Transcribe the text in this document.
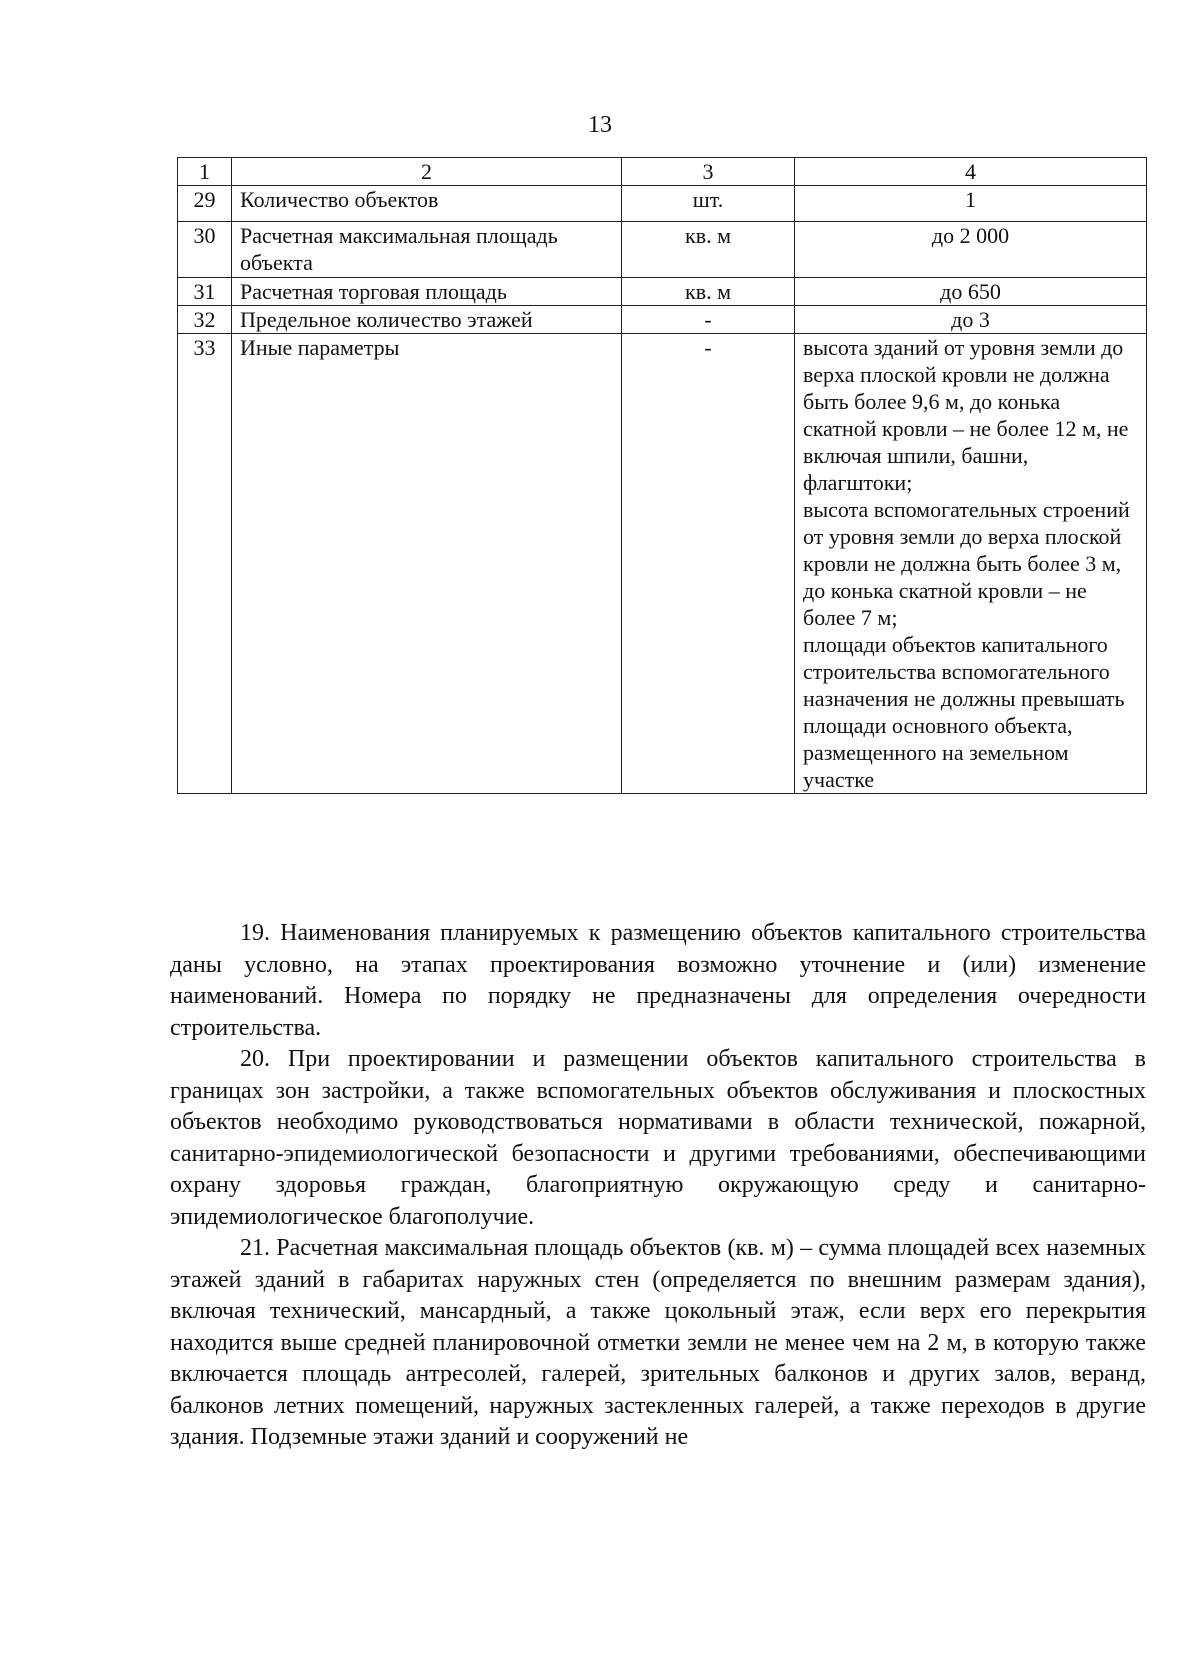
13
1	2	3	4
29	Количество объектов	шт.	1
30	Расчетная максимальная площадь объекта	кв. м	до 2 000
31	Расчетная торговая площадь	кв. м	до 650
32	Предельное количество этажей	-	до 3
33	Иные параметры	-	высота зданий от уровня земли до верха плоской кровли не должна быть более 9,6 м, до конька скатной кровли – не более 12 м, не включая шпили, башни, флагштоки;
высота вспомогательных строений от уровня земли до верха плоской кровли не должна быть более 3 м, до конька скатной кровли – не более 7 м;
площади объектов капитального строительства вспомогательного назначения не должны превышать площади основного объекта, размещенного на земельном участке

19. Наименования планируемых к размещению объектов капитального строительства даны условно, на этапах проектирования возможно уточнение и (или) изменение наименований. Номера по порядку не предназначены для определения очередности строительства.

20. При проектировании и размещении объектов капитального строительства в границах зон застройки, а также вспомогательных объектов обслуживания и плоскостных объектов необходимо руководствоваться нормативами в области технической, пожарной, санитарно-эпидемиологической безопасности и другими требованиями, обеспечивающими охрану здоровья граждан, благоприятную окружающую среду и санитарно-эпидемиологическое благополучие.

21. Расчетная максимальная площадь объектов (кв. м) – сумма площадей всех наземных этажей зданий в габаритах наружных стен (определяется по внешним размерам здания), включая технический, мансардный, а также цокольный этаж, если верх его перекрытия находится выше средней планировочной отметки земли не менее чем на 2 м, в которую также включается площадь антресолей, галерей, зрительных балконов и других залов, веранд, балконов летних помещений, наружных застекленных галерей, а также переходов в другие здания. Подземные этажи зданий и сооружений не
